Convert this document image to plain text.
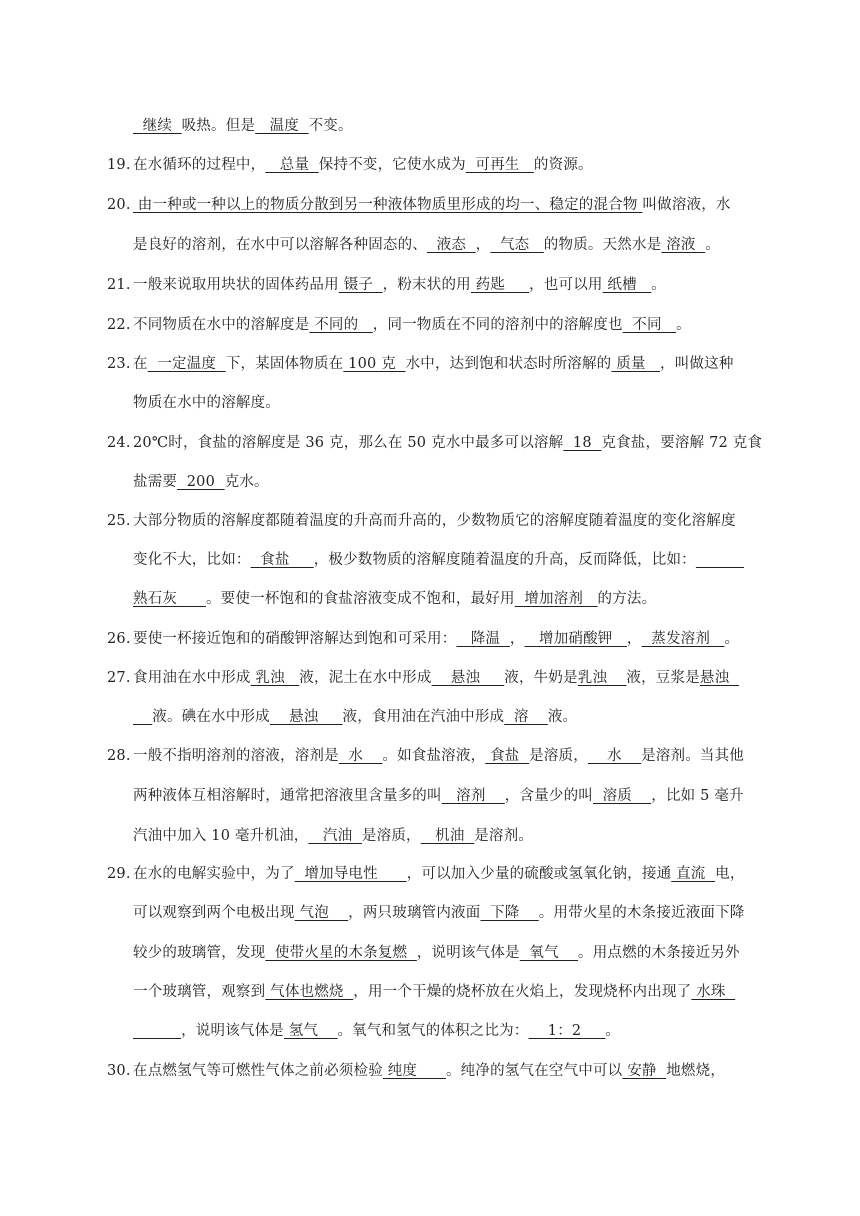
继续  吸热。但是   温度  不变。
19. 在水循环的过程中，   总量  保持不变，它使水成为  可再生   的资源。
20. 由一种或一种以上的物质分散到另一种液体物质里形成的均一、稳定的混合物 叫做溶液，水
是良好的溶剂，在水中可以溶解各种固态的、  液态  ，  气态   的物质。天然水是 溶液  。
21. 一般来说取用块状的固体药品用 镊子  ，粉末状的用 药匙     ，也可以用 纸槽   。
22. 不同物质在水中的溶解度是 不同的   ，同一物质在不同的溶剂中的溶解度也  不同   。
23. 在  一定温度  下，某固体物质在 100 克  水中，达到饱和状态时所溶解的 质量   ，叫做这种
物质在水中的溶解度。
24. 20℃时，食盐的溶解度是 36 克，那么在 50 克水中最多可以溶解  18  克食盐，要溶解 72 克食
盐需要  200  克水。
25. 大部分物质的溶解度都随着温度的升高而升高的，少数物质它的溶解度随着温度的变化溶解度
变化不大，比如：  食盐     ，极少数物质的溶解度随着温度的升高，反而降低，比如：
熟石灰      。要使一杯饱和的食盐溶液变成不饱和，最好用  增加溶剂   的方法。
26. 要使一杯接近饱和的硝酸钾溶解达到饱和可采用：   降温  ，   增加硝酸钾   ，  蒸发溶剂   。
27. 食用油在水中形成 乳浊   液，泥土在水中形成    悬浊     液，牛奶是乳浊    液，豆浆是悬浊
液。碘在水中形成    悬浊     液，食用油在汽油中形成  溶    液。
28. 一般不指明溶剂的溶液，溶剂是  水    。如食盐溶液， 食盐  是溶质，    水    是溶剂。当其他
两种液体互相溶解时，通常把溶液里含量多的叫   溶剂    ，含量少的叫  溶质    ，比如 5 毫升
汽油中加入 10 毫升机油，   汽油  是溶质，   机油  是溶剂。
29. 在水的电解实验中，为了  增加导电性      ，可以加入少量的硫酸或氢氧化钠，接通 直流  电，
可以观察到两个电极出现 气泡    ，两只玻璃管内液面  下降    。用带火星的木条接近液面下降
较少的玻璃管，发现  使带火星的木条复燃  ，说明该气体是  氧气    。用点燃的木条接近另外
一个玻璃管，观察到 气体也燃烧  ，用一个干燥的烧杯放在火焰上，发现烧杯内出现了 水珠
，说明该气体是 氢气    。氧气和氢气的体积之比为：    1：2     。
30. 在点燃氢气等可燃性气体之前必须检验 纯度      。纯净的氢气在空气中可以 安静  地燃烧，
